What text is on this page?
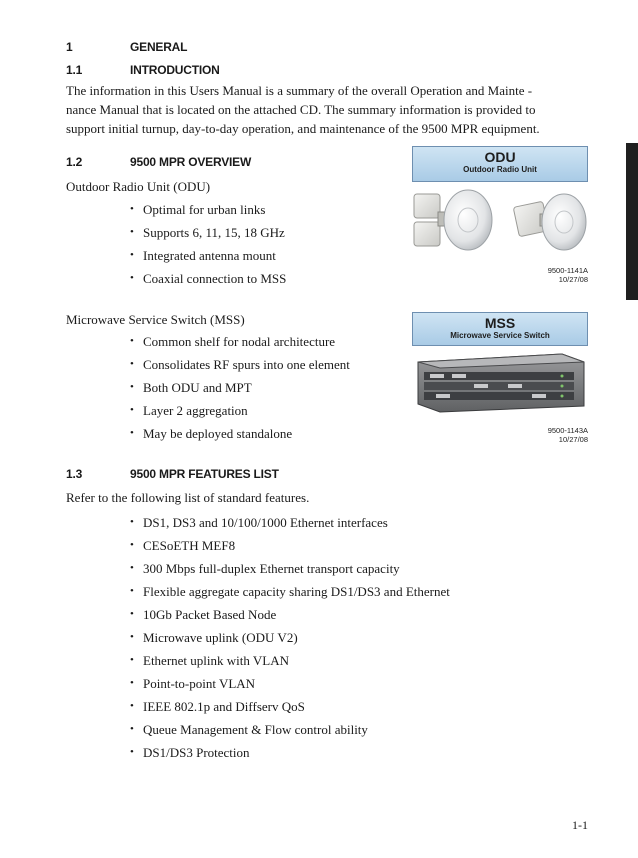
1	GENERAL
1.1	INTRODUCTION
The information in this Users Manual is a summary of the overall Operation and Mainte -
nance Manual that is located on the attached CD. The summary information is provided to
support initial turnup, day-to-day operation, and maintenance of the 9500 MPR equipment.
1.2	9500 MPR OVERVIEW
Outdoor Radio Unit (ODU)
• Optimal for urban links
• Supports 6, 11, 15, 18 GHz
• Integrated antenna mount
• Coaxial connection to MSS
ODU
Outdoor Radio Unit
9500-1141A
10/27/08
Microwave Service Switch (MSS)
• Common shelf for nodal architecture
• Consolidates RF spurs into one element
• Both ODU and MPT
• Layer 2 aggregation
• May be deployed standalone
MSS
Microwave Service Switch
9500-1143A
10/27/08
1.3	9500 MPR FEATURES LIST
Refer to the following list of standard features.
• DS1, DS3 and 10/100/1000 Ethernet interfaces
• CESoETH MEF8
• 300 Mbps full-duplex Ethernet transport capacity
• Flexible aggregate capacity sharing DS1/DS3 and Ethernet
• 10Gb Packet Based Node
• Microwave uplink (ODU V2)
• Ethernet uplink with VLAN
• Point-to-point VLAN
• IEEE 802.1p and Diffserv QoS
• Queue Management & Flow control ability
• DS1/DS3 Protection
1-1
